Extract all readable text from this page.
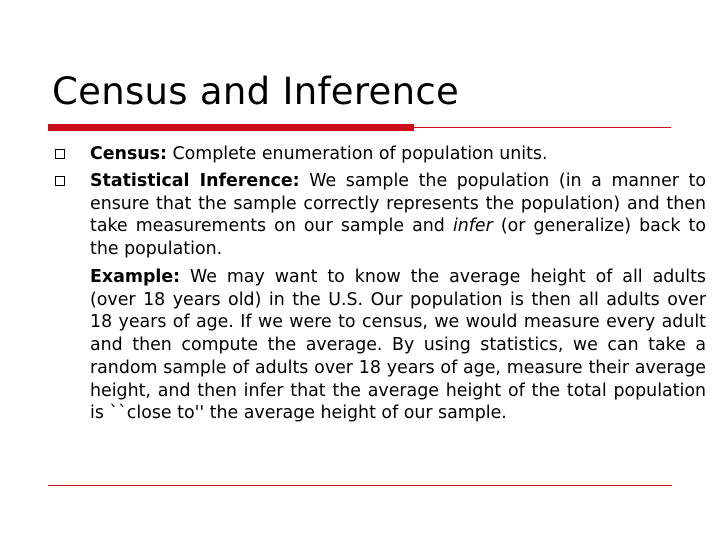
Census and Inference

Census: Complete enumeration of population units.

Statistical Inference: We sample the population (in a manner to ensure that the sample correctly represents the population) and then take measurements on our sample and infer (or generalize) back to the population.

Example: We may want to know the average height of all adults (over 18 years old) in the U.S. Our population is then all adults over 18 years of age. If we were to census, we would measure every adult and then compute the average. By using statistics, we can take a random sample of adults over 18 years of age, measure their average height, and then infer that the average height of the total population is ``close to'' the average height of our sample.
